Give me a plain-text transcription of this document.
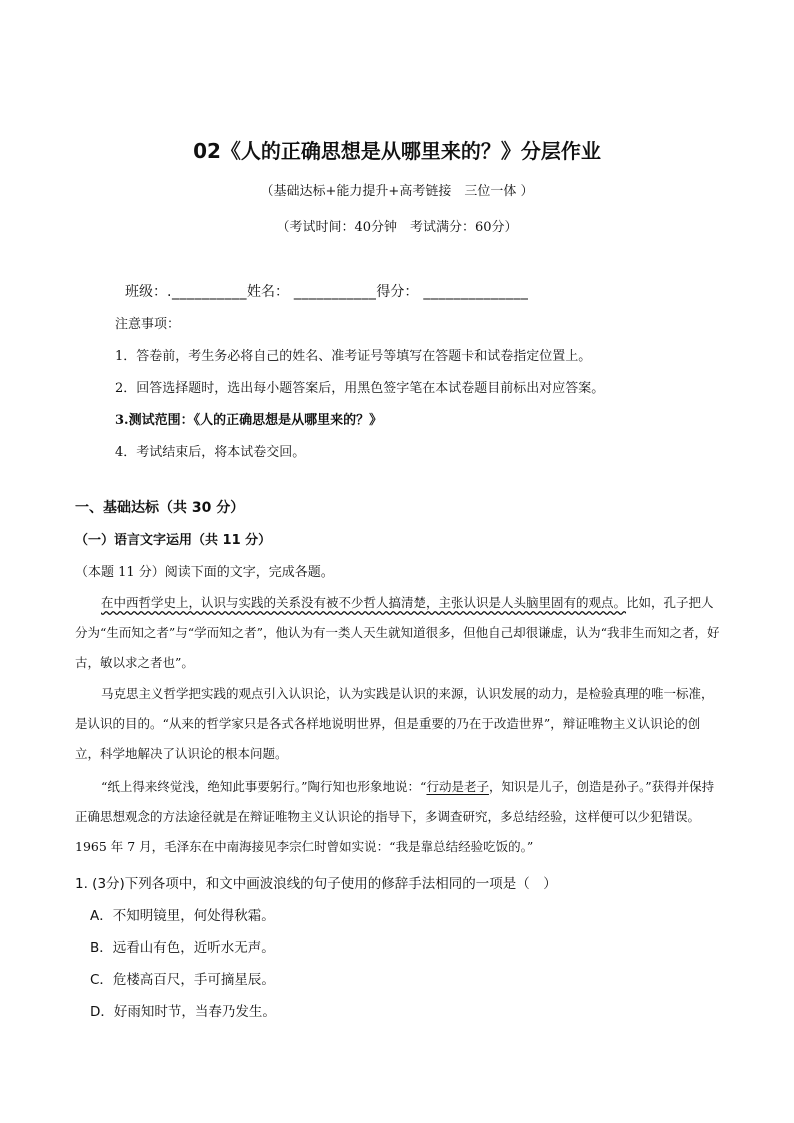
02《人的正确思想是从哪里来的？》分层作业
（基础达标+能力提升+高考链接　三位一体 ）
（考试时间：40分钟　考试满分：60分）
班级：.__________姓名： ___________得分： ______________
注意事项：
1．答卷前，考生务必将自己的姓名、准考证号等填写在答题卡和试卷指定位置上。
2．回答选择题时，选出每小题答案后，用黑色签字笔在本试卷题目前标出对应答案。
3.测试范围：《人的正确思想是从哪里来的？》
4．考试结束后，将本试卷交回。
一、基础达标（共 30 分）
（一）语言文字运用（共 11 分）
（本题 11 分）阅读下面的文字，完成各题。

在中西哲学史上，认识与实践的关系没有被不少哲人搞清楚，主张认识是人头脑里固有的观点。比如，孔子把人分为“生而知之者”与“学而知之者”，他认为有一类人天生就知道很多，但他自己却很谦虚，认为“我非生而知之者，好古，敏以求之者也”。

马克思主义哲学把实践的观点引入认识论，认为实践是认识的来源，认识发展的动力，是检验真理的唯一标准，是认识的目的。“从来的哲学家只是各式各样地说明世界，但是重要的乃在于改造世界”，辩证唯物主义认识论的创立，科学地解决了认识论的根本问题。

“纸上得来终觉浅，绝知此事要躬行。”陶行知也形象地说：“行动是老子，知识是儿子，创造是孙子。”获得并保持正确思想观念的方法途径就是在辩证唯物主义认识论的指导下，多调查研究，多总结经验，这样便可以少犯错误。1965 年 7 月，毛泽东在中南海接见李宗仁时曾如实说：“我是靠总结经验吃饭的。”

1. (3分)下列各项中，和文中画波浪线的句子使用的修辞手法相同的一项是（　）
A．不知明镜里，何处得秋霜。
B．远看山有色，近听水无声。
C．危楼高百尺，手可摘星辰。
D．好雨知时节，当春乃发生。
